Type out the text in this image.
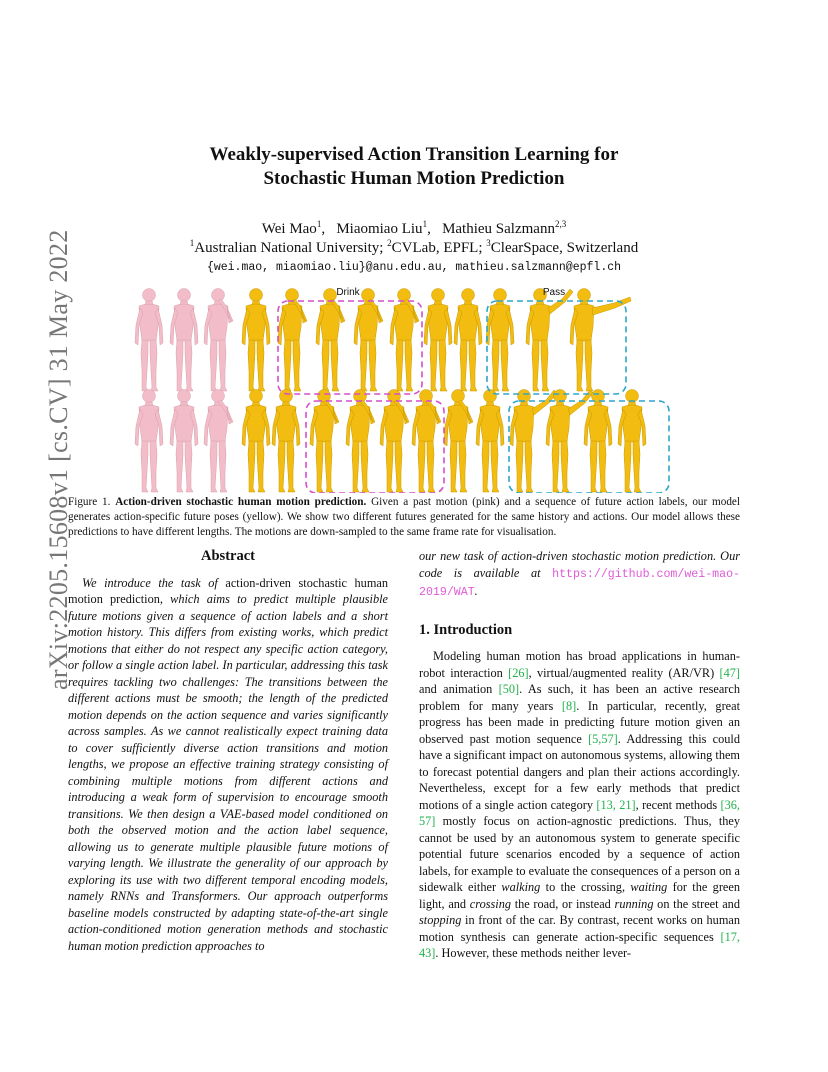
arXiv:2205.15608v1 [cs.CV] 31 May 2022
Weakly-supervised Action Transition Learning for
Stochastic Human Motion Prediction
Wei Mao$^1$,   Miaomiao Liu$^1$,   Mathieu Salzmann$^{2,3}$
$^1$Australian National University; $^2$CVLab, EPFL; $^3$ClearSpace, Switzerland
{wei.mao, miaomiao.liu}@anu.edu.au, mathieu.salzmann@epfl.ch
Drink	Pass
Figure 1. Action-driven stochastic human motion prediction. Given a past motion (pink) and a sequence of future action labels, our model generates action-specific future poses (yellow). We show two different futures generated for the same history and actions. Our model allows these predictions to have different lengths. The motions are down-sampled to the same frame rate for visualisation.
Abstract

We introduce the task of action-driven stochastic human motion prediction, which aims to predict multiple plausible future motions given a sequence of action labels and a short motion history. This differs from existing works, which predict motions that either do not respect any specific action category, or follow a single action label. In particular, addressing this task requires tackling two challenges: The transitions between the different actions must be smooth; the length of the predicted motion depends on the action sequence and varies significantly across samples. As we cannot realistically expect training data to cover sufficiently diverse action transitions and motion lengths, we propose an effective training strategy consisting of combining multiple motions from different actions and introducing a weak form of supervision to encourage smooth transitions. We then design a VAE-based model conditioned on both the observed motion and the action label sequence, allowing us to generate multiple plausible future motions of varying length. We illustrate the generality of our approach by exploring its use with two different temporal encoding models, namely RNNs and Transformers. Our approach outperforms baseline models constructed by adapting state-of-the-art single action-conditioned motion generation methods and stochastic human motion prediction approaches to

our new task of action-driven stochastic motion prediction. Our code is available at https://github.com/wei-mao-2019/WAT.

1. Introduction

Modeling human motion has broad applications in human-robot interaction [26], virtual/augmented reality (AR/VR) [47] and animation [50]. As such, it has been an active research problem for many years [8]. In particular, recently, great progress has been made in predicting future motion given an observed past motion sequence [5,57]. Addressing this could have a significant impact on autonomous systems, allowing them to forecast potential dangers and plan their actions accordingly. Nevertheless, except for a few early methods that predict motions of a single action category [13, 21], recent methods [36, 57] mostly focus on action-agnostic predictions. Thus, they cannot be used by an autonomous system to generate specific potential future scenarios encoded by a sequence of action labels, for example to evaluate the consequences of a person on a sidewalk either walking to the crossing, waiting for the green light, and crossing the road, or instead running on the street and stopping in front of the car. By contrast, recent works on human motion synthesis can generate action-specific sequences [17, 43]. However, these methods neither lever-
